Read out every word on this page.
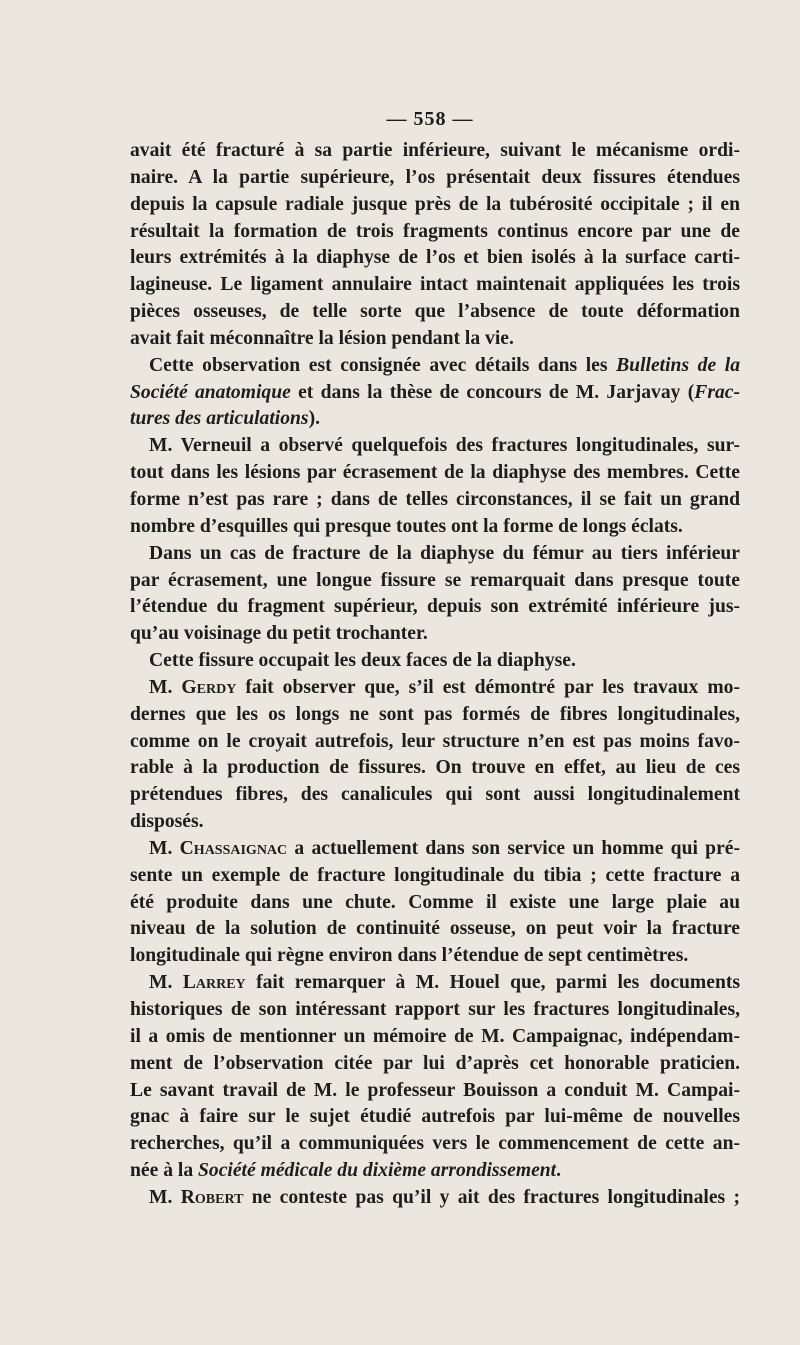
— 558 —
avait été fracturé à sa partie inférieure, suivant le mécanisme ordi-
naire. A la partie supérieure, l’os présentait deux fissures étendues
depuis la capsule radiale jusque près de la tubérosité occipitale ; il en
résultait la formation de trois fragments continus encore par une de
leurs extrémités à la diaphyse de l’os et bien isolés à la surface carti-
lagineuse. Le ligament annulaire intact maintenait appliquées les trois
pièces osseuses, de telle sorte que l’absence de toute déformation
avait fait méconnaître la lésion pendant la vie.
Cette observation est consignée avec détails dans les Bulletins de la
Société anatomique et dans la thèse de concours de M. Jarjavay (Frac-
tures des articulations).
M. Verneuil a observé quelquefois des fractures longitudinales, sur-
tout dans les lésions par écrasement de la diaphyse des membres. Cette
forme n’est pas rare ; dans de telles circonstances, il se fait un grand
nombre d’esquilles qui presque toutes ont la forme de longs éclats.
Dans un cas de fracture de la diaphyse du fémur au tiers inférieur
par écrasement, une longue fissure se remarquait dans presque toute
l’étendue du fragment supérieur, depuis son extrémité inférieure jus-
qu’au voisinage du petit trochanter.
Cette fissure occupait les deux faces de la diaphyse.
M. Gerdy fait observer que, s’il est démontré par les travaux mo-
dernes que les os longs ne sont pas formés de fibres longitudinales,
comme on le croyait autrefois, leur structure n’en est pas moins favo-
rable à la production de fissures. On trouve en effet, au lieu de ces
prétendues fibres, des canalicules qui sont aussi longitudinalement
disposés.
M. Chassaignac a actuellement dans son service un homme qui pré-
sente un exemple de fracture longitudinale du tibia ; cette fracture a
été produite dans une chute. Comme il existe une large plaie au
niveau de la solution de continuité osseuse, on peut voir la fracture
longitudinale qui règne environ dans l’étendue de sept centimètres.
M. Larrey fait remarquer à M. Houel que, parmi les documents
historiques de son intéressant rapport sur les fractures longitudinales,
il a omis de mentionner un mémoire de M. Campaignac, indépendam-
ment de l’observation citée par lui d’après cet honorable praticien.
Le savant travail de M. le professeur Bouisson a conduit M. Campai-
gnac à faire sur le sujet étudié autrefois par lui-même de nouvelles
recherches, qu’il a communiquées vers le commencement de cette an-
née à la Société médicale du dixième arrondissement.
M. Robert ne conteste pas qu’il y ait des fractures longitudinales ;
